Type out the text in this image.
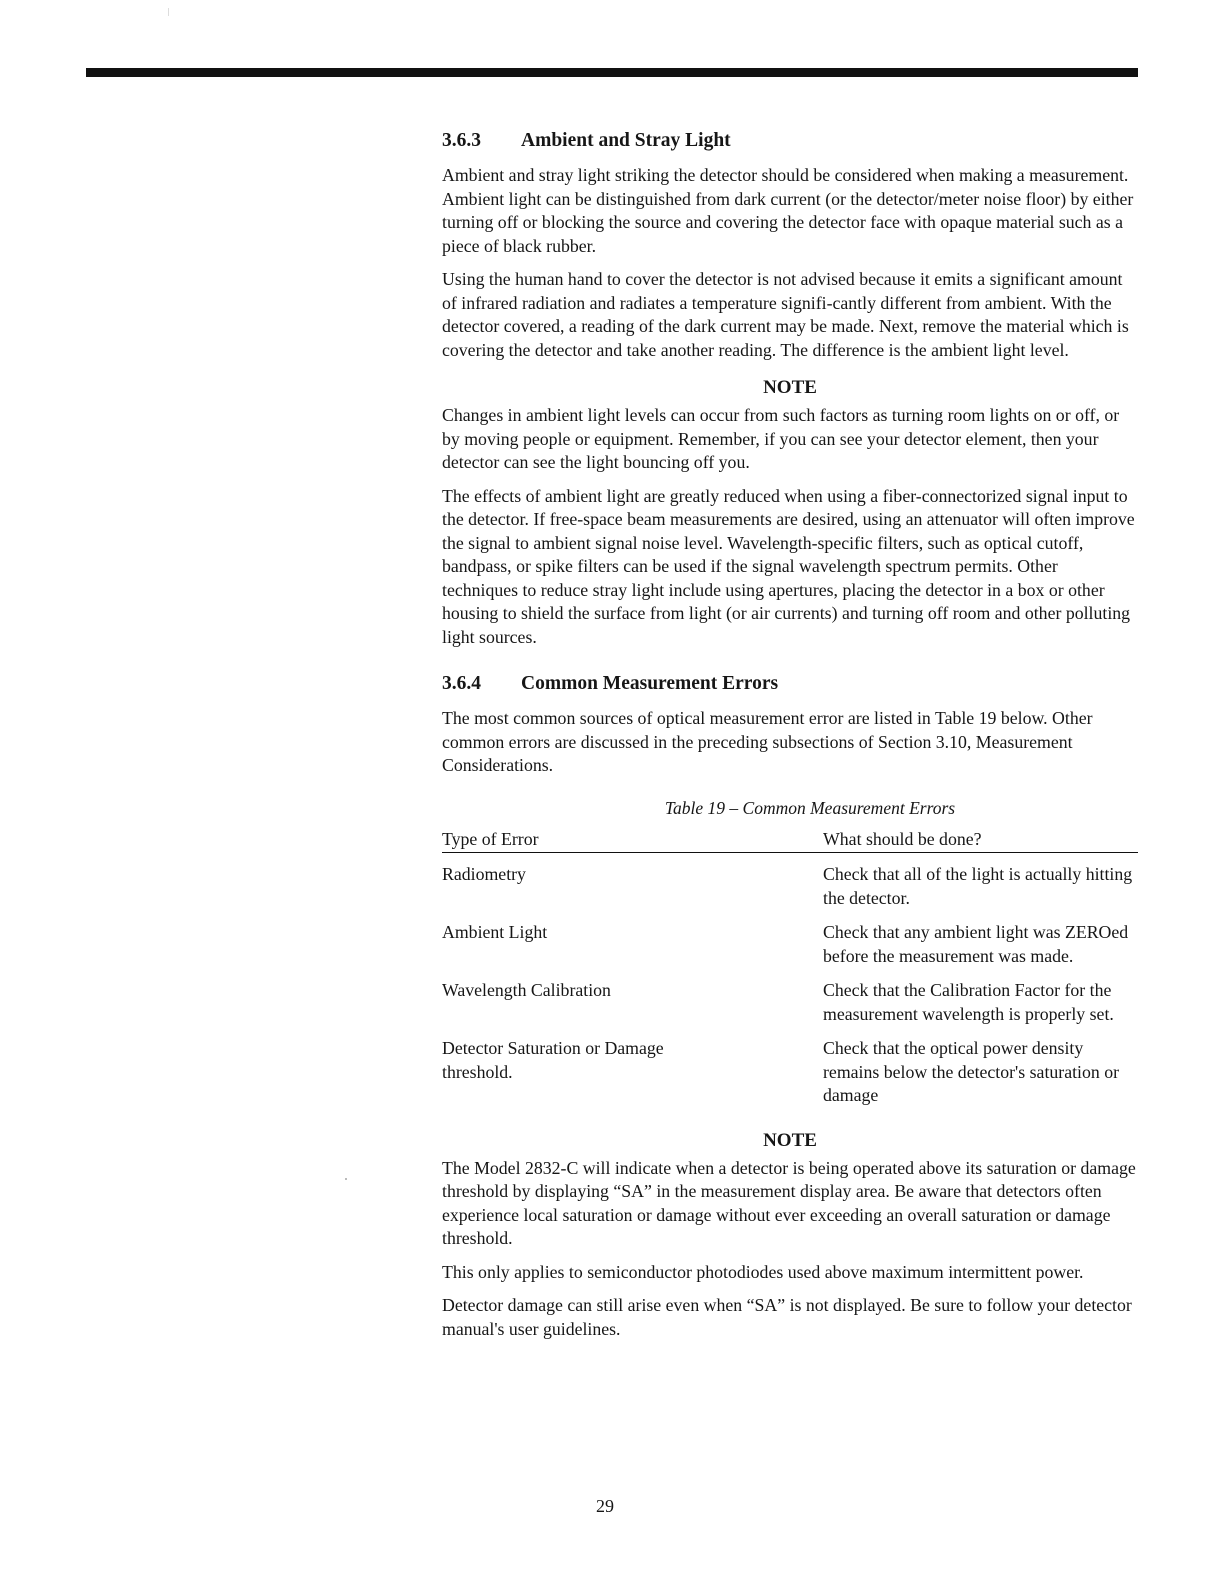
3.6.3 Ambient and Stray Light

Ambient and stray light striking the detector should be considered when making a measurement. Ambient light can be distinguished from dark current (or the detector/meter noise floor) by either turning off or blocking the source and covering the detector face with opaque material such as a piece of black rubber.

Using the human hand to cover the detector is not advised because it emits a significant amount of infrared radiation and radiates a temperature signifi-cantly different from ambient. With the detector covered, a reading of the dark current may be made. Next, remove the material which is covering the detector and take another reading. The difference is the ambient light level.

NOTE

Changes in ambient light levels can occur from such factors as turning room lights on or off, or by moving people or equipment. Remember, if you can see your detector element, then your detector can see the light bouncing off you.

The effects of ambient light are greatly reduced when using a fiber-connectorized signal input to the detector. If free-space beam measurements are desired, using an attenuator will often improve the signal to ambient signal noise level. Wavelength-specific filters, such as optical cutoff, bandpass, or spike filters can be used if the signal wavelength spectrum permits. Other techniques to reduce stray light include using apertures, placing the detector in a box or other housing to shield the surface from light (or air currents) and turning off room and other polluting light sources.

3.6.4 Common Measurement Errors

The most common sources of optical measurement error are listed in Table 19 below. Other common errors are discussed in the preceding subsections of Section 3.10, Measurement Considerations.

Table 19 – Common Measurement Errors
Type of Error	What should be done?
Radiometry	Check that all of the light is actually hitting the detector.
Ambient Light	Check that any ambient light was ZEROed before the measurement was made.
Wavelength Calibration	Check that the Calibration Factor for the measurement wavelength is properly set.
Detector Saturation or Damage threshold.	Check that the optical power density remains below the detector's saturation or damage
NOTE

The Model 2832-C will indicate when a detector is being operated above its saturation or damage threshold by displaying “SA” in the measurement display area. Be aware that detectors often experience local saturation or damage without ever exceeding an overall saturation or damage threshold.

This only applies to semiconductor photodiodes used above maximum intermittent power.

Detector damage can still arise even when “SA” is not displayed. Be sure to follow your detector manual's user guidelines.

29
